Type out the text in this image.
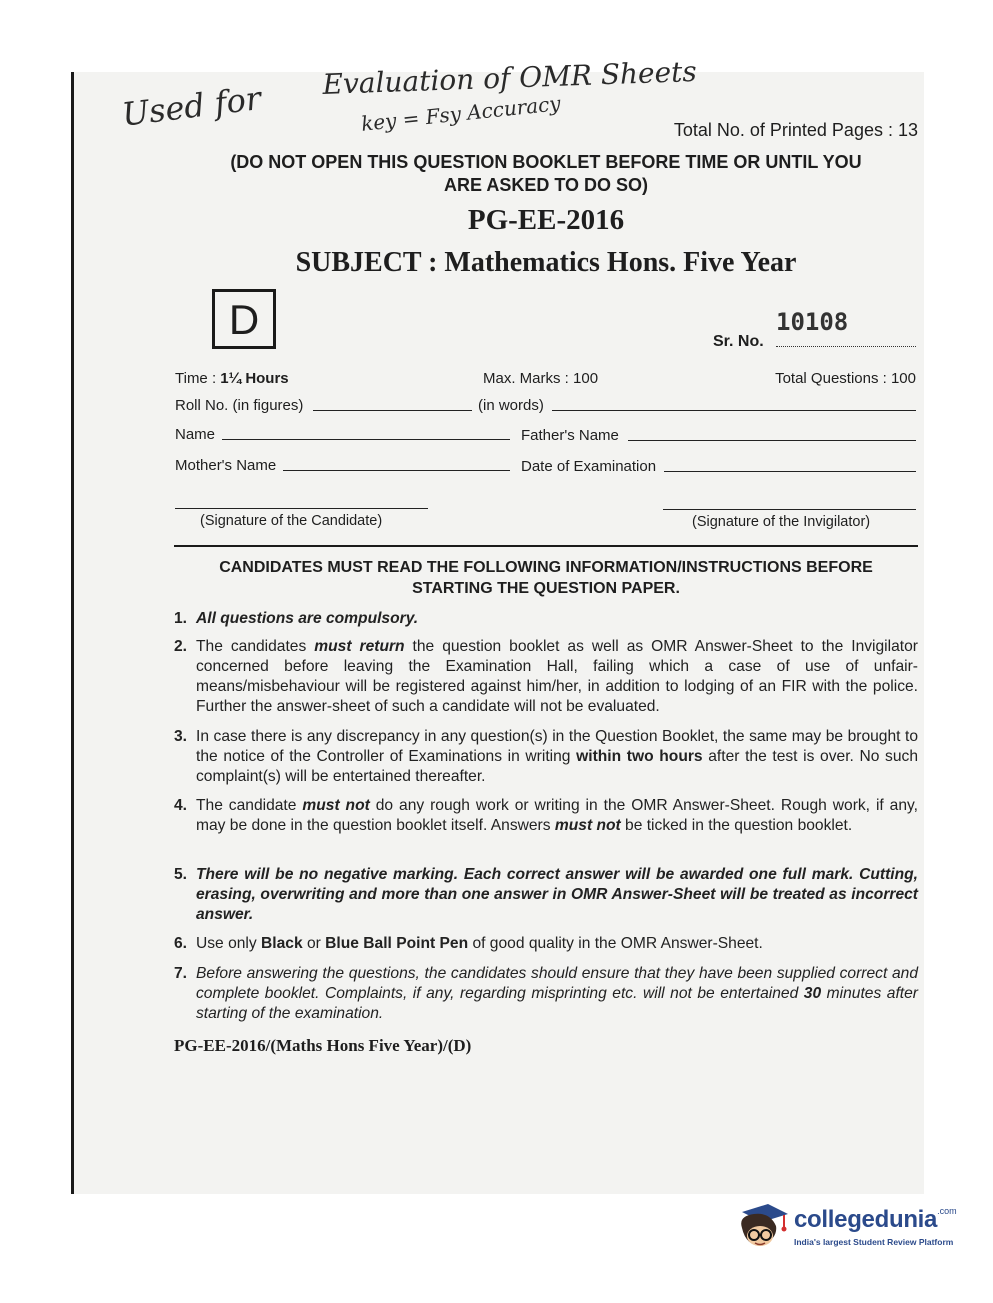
Used for
Evaluation of OMR Sheets
key = Fsy Accuracy	Total No. of Printed Pages : 13
(DO NOT OPEN THIS QUESTION BOOKLET BEFORE TIME OR UNTIL YOU
ARE ASKED TO DO SO)
PG-EE-2016
SUBJECT : Mathematics Hons. Five Year
D	10108
Sr. No.
Time : 1¼ Hours	Max. Marks : 100	Total Questions : 100
Roll No. (in figures)	(in words)
Name	Father's Name
Mother's Name	Date of Examination
(Signature of the Candidate)	(Signature of the Invigilator)
CANDIDATES MUST READ THE FOLLOWING INFORMATION/INSTRUCTIONS BEFORE
STARTING THE QUESTION PAPER.
1. All questions are compulsory.
2. The candidates must return the question booklet as well as OMR Answer-Sheet to the Invigilator concerned before leaving the Examination Hall, failing which a case of use of unfair-means/misbehaviour will be registered against him/her, in addition to lodging of an FIR with the police. Further the answer-sheet of such a candidate will not be evaluated.
3. In case there is any discrepancy in any question(s) in the Question Booklet, the same may be brought to the notice of the Controller of Examinations in writing within two hours after the test is over. No such complaint(s) will be entertained thereafter.
4. The candidate must not do any rough work or writing in the OMR Answer-Sheet. Rough work, if any, may be done in the question booklet itself. Answers must not be ticked in the question booklet.
5. There will be no negative marking. Each correct answer will be awarded one full mark. Cutting, erasing, overwriting and more than one answer in OMR Answer-Sheet will be treated as incorrect answer.
6. Use only Black or Blue Ball Point Pen of good quality in the OMR Answer-Sheet.
7. Before answering the questions, the candidates should ensure that they have been supplied correct and complete booklet. Complaints, if any, regarding misprinting etc. will not be entertained 30 minutes after starting of the examination.
PG-EE-2016/(Maths Hons Five Year)/(D)
collegedunia$^{.com}$
India's largest Student Review Platform
